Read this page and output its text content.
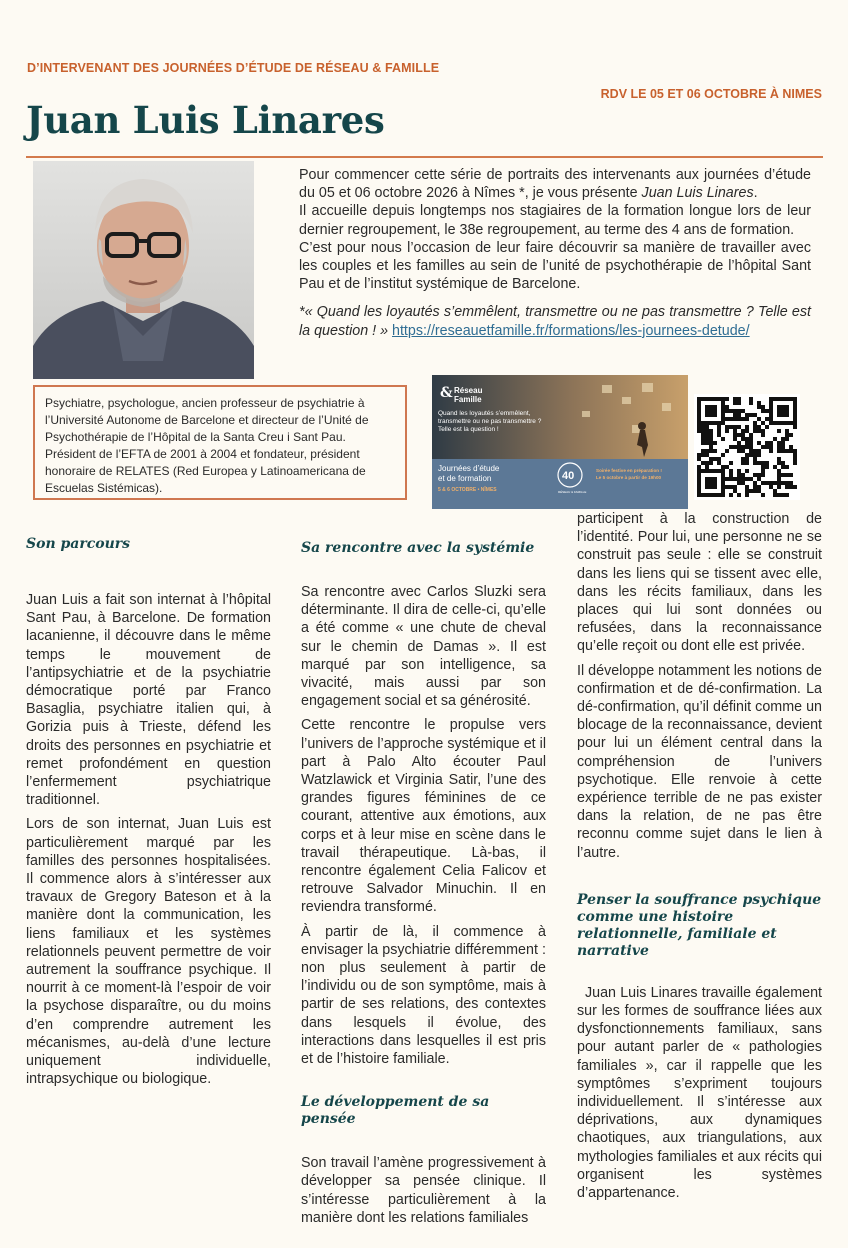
D’INTERVENANT DES JOURNÉES D’ÉTUDE DE RÉSEAU & FAMILLE
RDV LE 05 ET 06 OCTOBRE À NIMES
Juan Luis Linares

Pour commencer cette série de portraits des intervenants aux journées d’étude du 05 et 06 octobre 2026 à Nîmes *, je vous présente Juan Luis Linares.

Il accueille depuis longtemps nos stagiaires de la formation longue lors de leur dernier regroupement, le 38e regroupement, au terme des 4 ans de formation.

C’est pour nous l’occasion de leur faire découvrir sa manière de travailler avec les couples et les familles au sein de l’unité de psychothérapie de l’hôpital Sant Pau et de l’institut systémique de Barcelone.

*« Quand les loyautés s’emmêlent, transmettre ou ne pas transmettre ? Telle est la question ! » https://reseauetfamille.fr/formations/les-journees-detude/

Psychiatre, psychologue, ancien professeur de psychiatrie à l’Université Autonome de Barcelone et directeur de l’Unité de Psychothérapie de l’Hôpital de la Santa Creu i Sant Pau. Président de l’EFTA de 2001 à 2004 et fondateur, président honoraire de RELATES (Red Europea y Latinoamericana de Escuelas Sistémicas).
& Réseau
Famille
Quand les loyautés s’emmêlent,
transmettre ou ne pas transmettre ?
Telle est la question !
Journées d’étude
et de formation
5 & 6 OCTOBRE • NÎMES
40
RÉSEAU & FAMILLE
Soirée festive en préparation !
Le 5 octobre à partir de 19h00
Son parcours

Juan Luis a fait son internat à l’hôpital Sant Pau, à Barcelone. De formation lacanienne, il découvre dans le même temps le mouvement de l’antipsychiatrie et de la psychiatrie démocratique porté par Franco Basaglia, psychiatre italien qui, à Gorizia puis à Trieste, défend les droits des personnes en psychiatrie et remet profondément en question l’enfermement psychiatrique traditionnel.

Lors de son internat, Juan Luis est particulièrement marqué par les familles des personnes hospitalisées. Il commence alors à s’intéresser aux travaux de Gregory Bateson et à la manière dont la communication, les liens familiaux et les systèmes relationnels peuvent permettre de voir autrement la souffrance psychique. Il nourrit à ce moment-là l’espoir de voir la psychose disparaître, ou du moins d’en comprendre autrement les mécanismes, au-delà d’une lecture uniquement individuelle, intrapsychique ou biologique.

Sa rencontre avec la systémie

Sa rencontre avec Carlos Sluzki sera déterminante. Il dira de celle-ci, qu’elle a été comme « une chute de cheval sur le chemin de Damas ». Il est marqué par son intelligence, sa vivacité, mais aussi par son engagement social et sa générosité.

Cette rencontre le propulse vers l’univers de l’approche systémique et il part à Palo Alto écouter Paul Watzlawick et Virginia Satir, l’une des grandes figures féminines de ce courant, attentive aux émotions, aux corps et à leur mise en scène dans le travail thérapeutique. Là-bas, il rencontre également Celia Falicov et retrouve Salvador Minuchin. Il en reviendra transformé.

À partir de là, il commence à envisager la psychiatrie différemment : non plus seulement à partir de l’individu ou de son symptôme, mais à partir de ses relations, des contextes dans lesquels il évolue, des interactions dans lesquelles il est pris et de l’histoire familiale.

Le développement de sa pensée

Son travail l’amène progressivement à développer sa pensée clinique. Il s’intéresse particulièrement à la manière dont les relations familiales

participent à la construction de l’identité. Pour lui, une personne ne se construit pas seule : elle se construit dans les liens qui se tissent avec elle, dans les récits familiaux, dans les places qui lui sont données ou refusées, dans la reconnaissance qu’elle reçoit ou dont elle est privée.

Il développe notamment les notions de confirmation et de dé-confirmation. La dé-confirmation, qu’il définit comme un blocage de la reconnaissance, devient pour lui un élément central dans la compréhension de l’univers psychotique. Elle renvoie à cette expérience terrible de ne pas exister dans la relation, de ne pas être reconnu comme sujet dans le lien à l’autre.

Penser la souffrance psychique comme une histoire relationnelle, familiale et narrative

Juan Luis Linares travaille également sur les formes de souffrance liées aux dysfonctionnements familiaux, sans pour autant parler de « pathologies familiales », car il rappelle que les symptômes s’expriment toujours individuellement. Il s’intéresse aux déprivations, aux dynamiques chaotiques, aux triangulations, aux mythologies familiales et aux récits qui organisent les systèmes d’appartenance.
